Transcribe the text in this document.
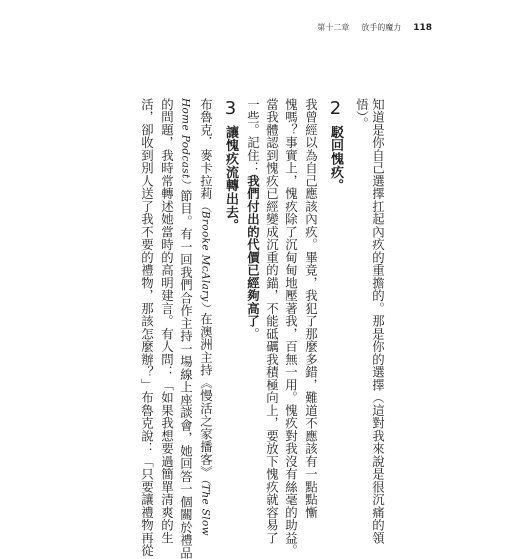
第十二章 放手的魔力 118
知道是你自己選擇扛起內疚的重擔的。那是你的選擇（這對我來說是很沉痛的領
悟）。
2駁回愧疚。
我曾經以為自己應該內疚。畢竟，我犯了那麼多錯，難道不應該有一點點慚
愧嗎？事實上，愧疚除了沉甸甸地壓著我，百無一用。愧疚對我沒有絲毫的助益。
當我體認到愧疚已經變成沉重的錨，不能砥礪我積極向上，要放下愧疚就容易了
一些。記住：我們付出的代價已經夠高了。
3讓愧疚流轉出去。
布魯克．麥卡拉莉（Brooke McAlary）在澳洲主持《慢活之家播客》（The Slow
Home Podcast）節目。有一回我們合作主持一場線上座談會，她回答一個關於禮品
的問題，我時常轉述她當時的高明建言。有人問：「如果我想要過簡單清爽的生
活，卻收到別人送了我不要的禮物，那該怎麼辦？」布魯克說：「只要讓禮物再從
